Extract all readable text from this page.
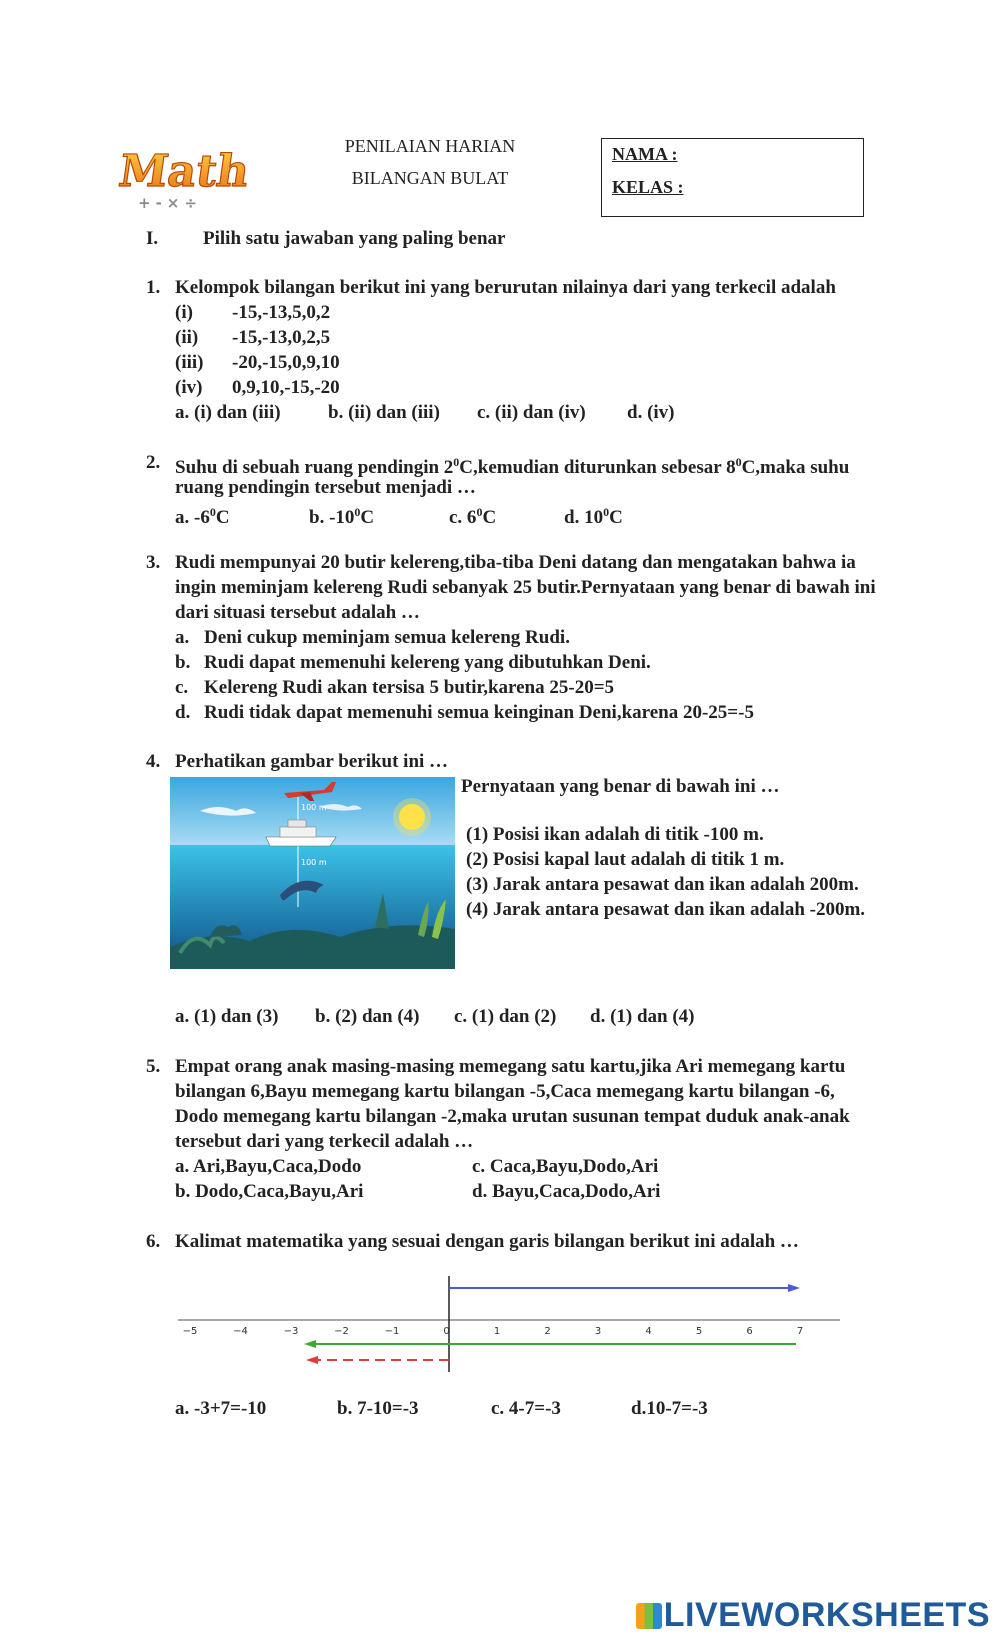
Math
+-×÷
PENILAIAN HARIAN
BILANGAN BULAT
NAMA :
KELAS :
I. Pilih satu jawaban yang paling benar
1. Kelompok bilangan berikut ini yang berurutan nilainya dari yang terkecil adalah
(i) -15,-13,5,0,2
(ii) -15,-13,0,2,5
(iii) -20,-15,0,9,10
(iv) 0,9,10,-15,-20
a. (i) dan (iii) b. (ii) dan (iii) c. (ii) dan (iv) d. (iv)
2. Suhu di sebuah ruang pendingin $2^0C,kemudian$ diturunkan sebesar $8^0C,maka$ suhu
ruang pendingin tersebut menjadi …
a. $-6^0C$	b. $-10^0C$	c. $6^0C$	d. $10^0C$
3. Rudi mempunyai 20 butir kelereng,tiba-tiba Deni datang dan mengatakan bahwa ia
ingin meminjam kelereng Rudi sebanyak 25 butir.Pernyataan yang benar di bawah ini
dari situasi tersebut adalah …
a. Deni cukup meminjam semua kelereng Rudi.
b. Rudi dapat memenuhi kelereng yang dibutuhkan Deni.
c. Kelereng Rudi akan tersisa 5 butir,karena 25-20=5
d. Rudi tidak dapat memenuhi semua keinginan Deni,karena 20-25=-5
4. Perhatikan gambar berikut ini …
100 m
100 m
Pernyataan yang benar di bawah ini …
(1) Posisi ikan adalah di titik -100 m.
(2) Posisi kapal laut adalah di titik 1 m.
(3) Jarak antara pesawat dan ikan adalah 200m.
(4) Jarak antara pesawat dan ikan adalah -200m.
a. (1) dan (3) b. (2) dan (4) c. (1) dan (2) d. (1) dan (4)
5. Empat orang anak masing-masing memegang satu kartu,jika Ari memegang kartu
bilangan 6,Bayu memegang kartu bilangan -5,Caca memegang kartu bilangan -6,
Dodo memegang kartu bilangan -2,maka urutan susunan tempat duduk anak-anak
tersebut dari yang terkecil adalah …
a. Ari,Bayu,Caca,Dodo	c. Caca,Bayu,Dodo,Ari
b. Dodo,Caca,Bayu,Ari	d. Bayu,Caca,Dodo,Ari
6. Kalimat matematika yang sesuai dengan garis bilangan berikut ini adalah …
−5	−4	−3	−2	−1	0	1	2	3	4	5	6	7
a. -3+7=-10	b. 7-10=-3	c. 4-7=-3	d.10-7=-3
LIVEWORKSHEETS
